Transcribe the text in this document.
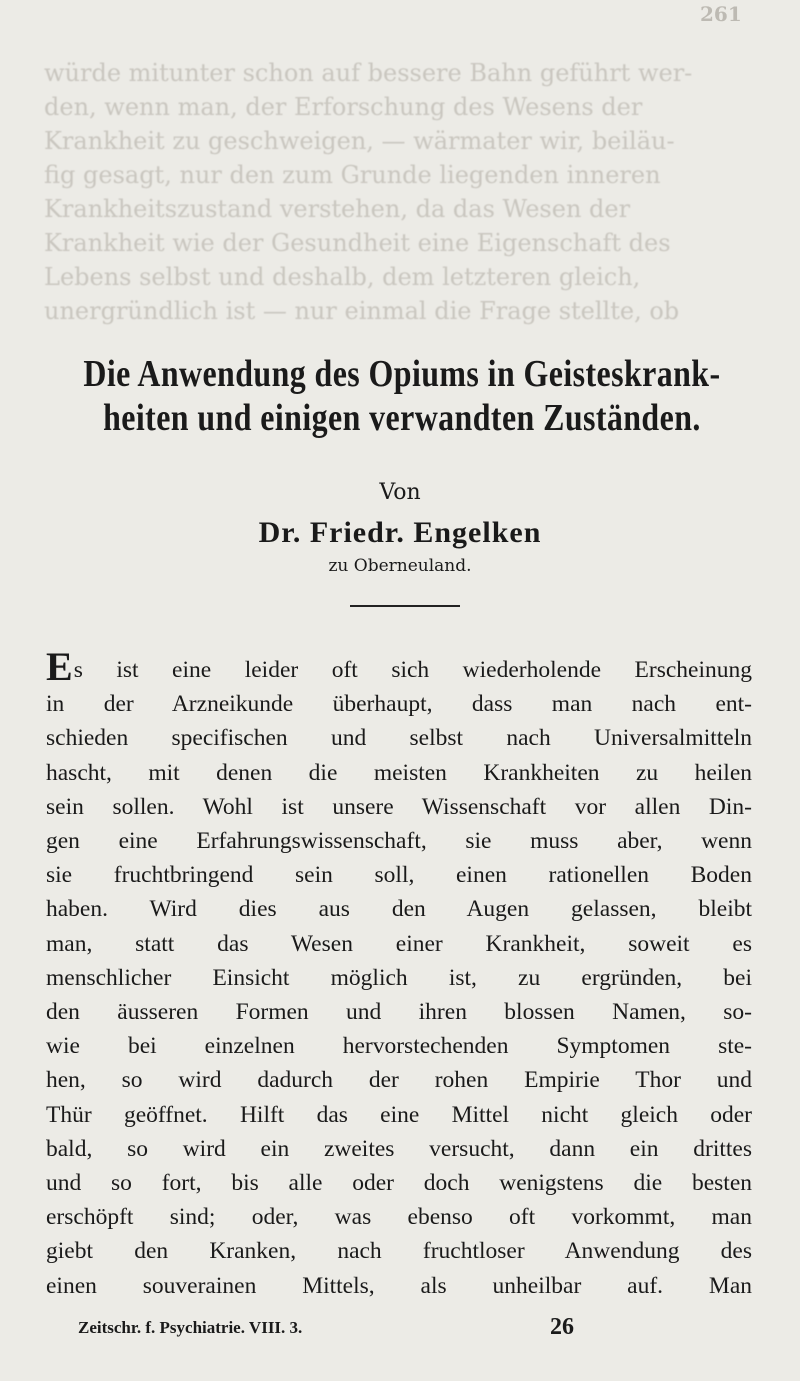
261

würde mitunter schon auf bessere Bahn geführt wer-

den, wenn man, der Erforschung des Wesens der

Krankheit zu geschweigen, — wärmater wir, beiläu-

fig gesagt, nur den zum Grunde liegenden inneren

Krankheitszustand verstehen, da das Wesen der

Krankheit wie der Gesundheit eine Eigenschaft des

Lebens selbst und deshalb, dem letzteren gleich,

unergründlich ist — nur einmal die Frage stellte, ob

Die Anwendung des Opiums in Geisteskrank-
heiten und einigen verwandten Zuständen.
Von
Dr. Friedr. Engelken
zu Oberneuland.
Es ist eine leider oft sich wiederholende Erscheinung
in der Arzneikunde überhaupt, dass man nach ent-
schieden specifischen und selbst nach Universalmitteln
hascht, mit denen die meisten Krankheiten zu heilen
sein sollen. Wohl ist unsere Wissenschaft vor allen Din-
gen eine Erfahrungswissenschaft, sie muss aber, wenn
sie fruchtbringend sein soll, einen rationellen Boden
haben. Wird dies aus den Augen gelassen, bleibt
man, statt das Wesen einer Krankheit, soweit es
menschlicher Einsicht möglich ist, zu ergründen, bei
den äusseren Formen und ihren blossen Namen, so-
wie bei einzelnen hervorstechenden Symptomen ste-
hen, so wird dadurch der rohen Empirie Thor und
Thür geöffnet. Hilft das eine Mittel nicht gleich oder
bald, so wird ein zweites versucht, dann ein drittes
und so fort, bis alle oder doch wenigstens die besten
erschöpft sind; oder, was ebenso oft vorkommt, man
giebt den Kranken, nach fruchtloser Anwendung des
einen souverainen Mittels, als unheilbar auf. Man
Zeitschr. f. Psychiatrie. VIII. 3.	26
